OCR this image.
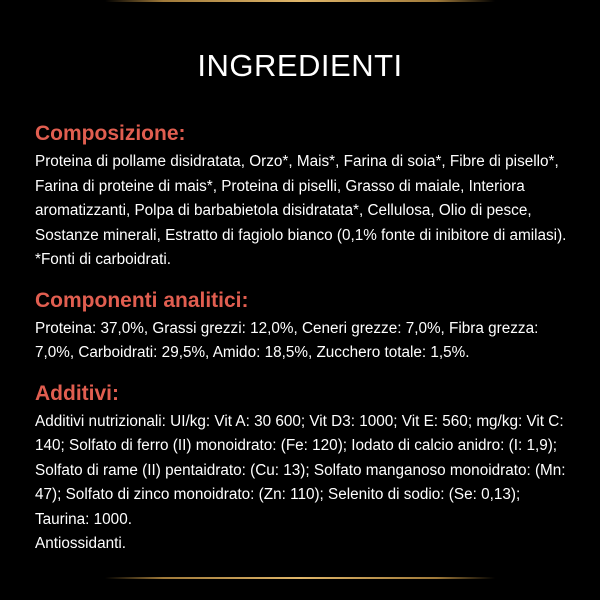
INGREDIENTI
Composizione:

Proteina di pollame disidratata, Orzo*, Mais*, Farina di soia*, Fibre di pisello*, Farina di proteine di mais*, Proteina di piselli, Grasso di maiale, Interiora aromatizzanti, Polpa di barbabietola disidratata*, Cellulosa, Olio di pesce, Sostanze minerali, Estratto di fagiolo bianco (0,1% fonte di inibitore di amilasi). *Fonti di carboidrati.

Componenti analitici:

Proteina: 37,0%, Grassi grezzi: 12,0%, Ceneri grezze: 7,0%, Fibra grezza: 7,0%, Carboidrati: 29,5%, Amido: 18,5%, Zucchero totale: 1,5%.

Additivi:

Additivi nutrizionali: UI/kg: Vit A: 30 600; Vit D3: 1000; Vit E: 560; mg/kg: Vit C: 140; Solfato di ferro (II) monoidrato: (Fe: 120); Iodato di calcio anidro: (I: 1,9); Solfato di rame (II) pentaidrato: (Cu: 13); Solfato manganoso monoidrato: (Mn: 47); Solfato di zinco monoidrato: (Zn: 110); Selenito di sodio: (Se: 0,13); Taurina: 1000.

Antiossidanti.
